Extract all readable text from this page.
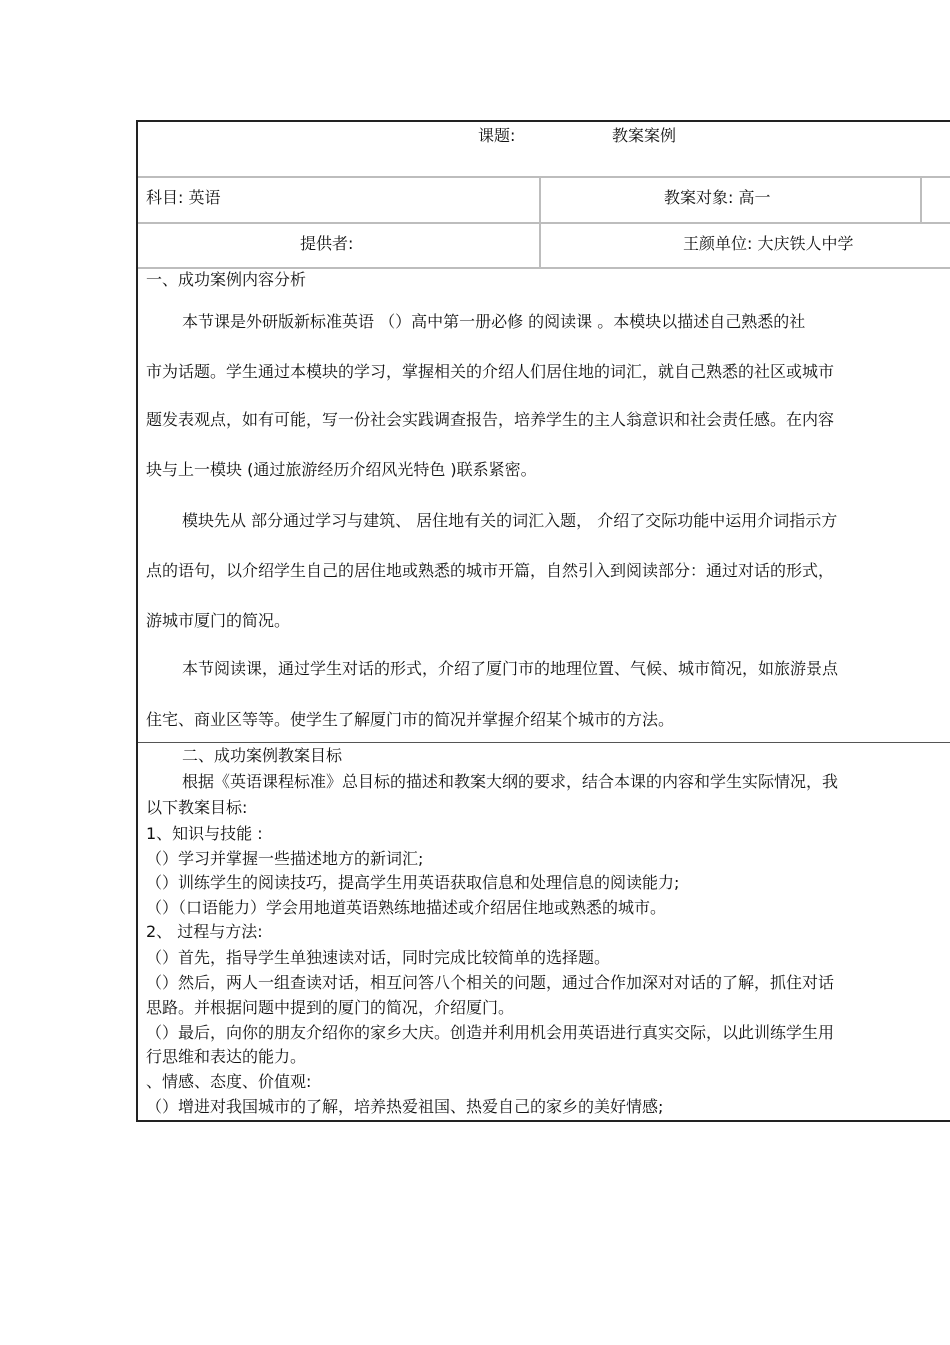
课题:	教案案例
科目: 英语	教案对象: 高一
提供者:	王颜单位: 大庆铁人中学
一、成功案例内容分析
本节课是外研版新标准英语 （）高中第一册必修 的阅读课 。本模块以描述自己熟悉的社
市为话题。学生通过本模块的学习，掌握相关的介绍人们居住地的词汇，就自己熟悉的社区或城市
题发表观点，如有可能，写一份社会实践调查报告，培养学生的主人翁意识和社会责任感。在内容
块与上一模块 (通过旅游经历介绍风光特色 )联系紧密。
模块先从 部分通过学习与建筑、 居住地有关的词汇入题， 介绍了交际功能中运用介词指示方
点的语句，以介绍学生自己的居住地或熟悉的城市开篇，自然引入到阅读部分：通过对话的形式，
游城市厦门的简况。
本节阅读课，通过学生对话的形式，介绍了厦门市的地理位置、气候、城市简况，如旅游景点
住宅、商业区等等。使学生了解厦门市的简况并掌握介绍某个城市的方法。
二、成功案例教案目标
根据《英语课程标准》总目标的描述和教案大纲的要求，结合本课的内容和学生实际情况，我
以下教案目标:
1、知识与技能 :
（）学习并掌握一些描述地方的新词汇;
（）训练学生的阅读技巧，提高学生用英语获取信息和处理信息的阅读能力;
（）（口语能力）学会用地道英语熟练地描述或介绍居住地或熟悉的城市。
2、 过程与方法:
（）首先，指导学生单独速读对话，同时完成比较简单的选择题。
（）然后，两人一组查读对话，相互问答八个相关的问题，通过合作加深对对话的了解，抓住对话
思路。并根据问题中提到的厦门的简况，介绍厦门。
（）最后，向你的朋友介绍你的家乡大庆。创造并利用机会用英语进行真实交际，以此训练学生用
行思维和表达的能力。
、情感、态度、价值观:
（）增进对我国城市的了解，培养热爱祖国、热爱自己的家乡的美好情感;
